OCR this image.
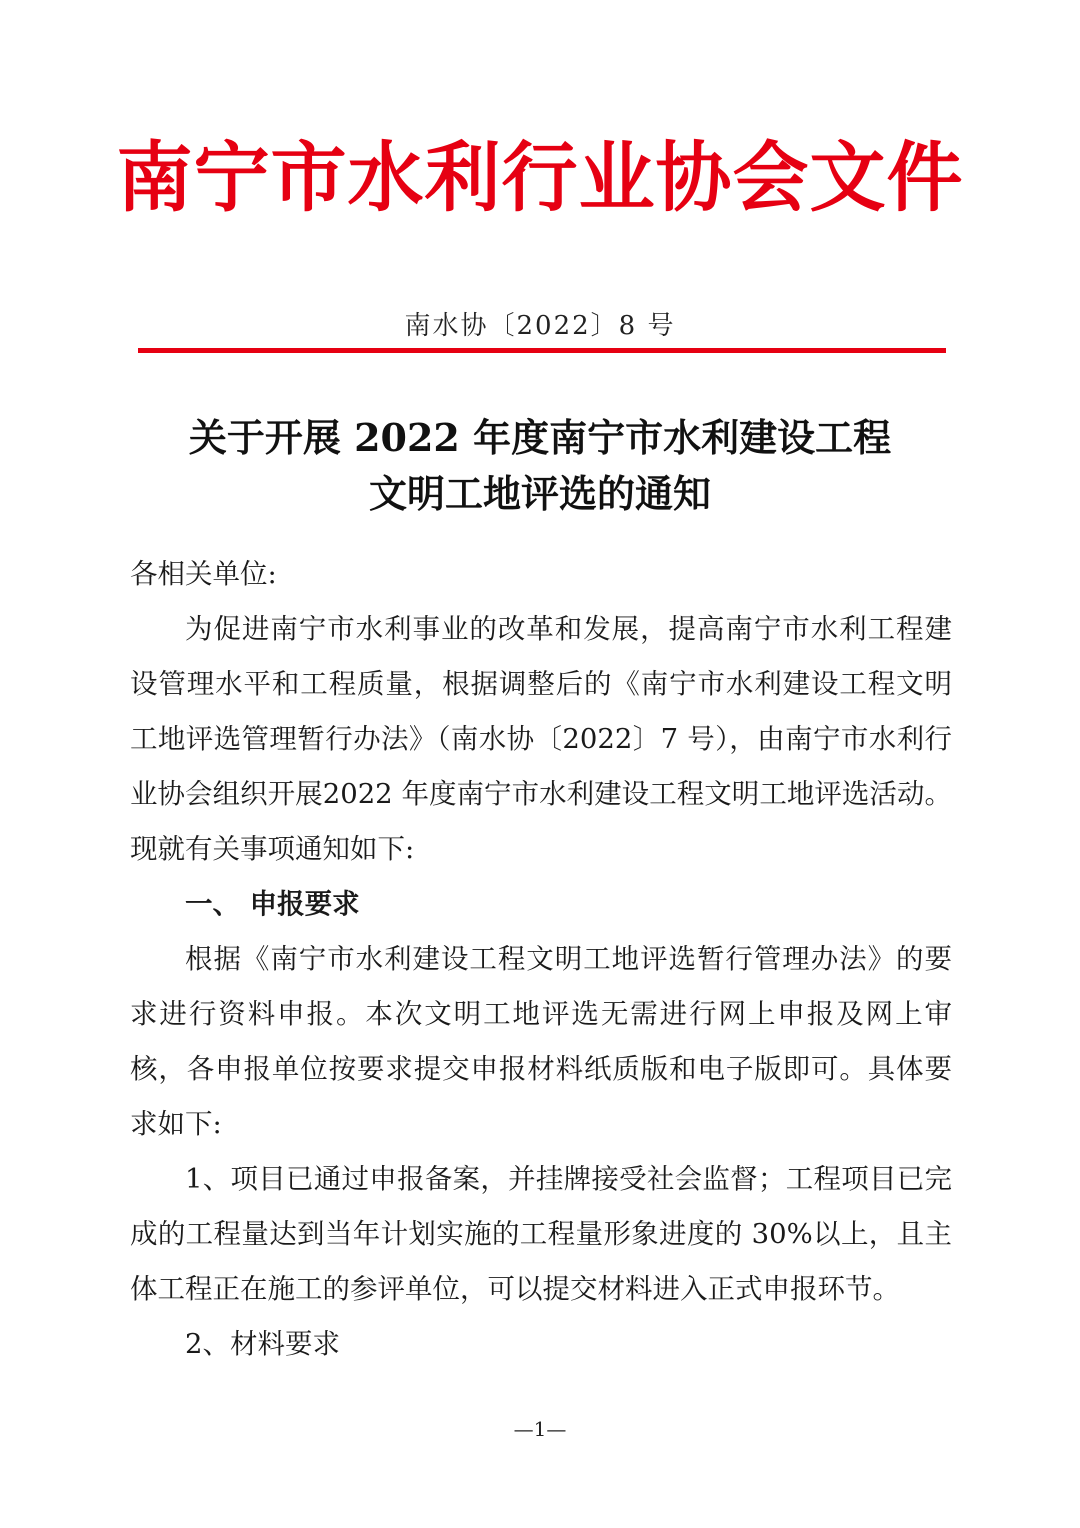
南宁市水利行业协会文件
南水协〔2022〕8 号
关于开展 2022 年度南宁市水利建设工程
文明工地评选的通知

各相关单位:

为促进南宁市水利事业的改革和发展，提高南宁市水利工程建设管理水平和工程质量，根据调整后的《南宁市水利建设工程文明工地评选管理暂行办法》（南水协〔2022〕7 号），由南宁市水利行业协会组织开展2022 年度南宁市水利建设工程文明工地评选活动。现就有关事项通知如下:

一、 申报要求

根据《南宁市水利建设工程文明工地评选暂行管理办法》的要求进行资料申报。本次文明工地评选无需进行网上申报及网上审核，各申报单位按要求提交申报材料纸质版和电子版即可。具体要求如下:

1、项目已通过申报备案，并挂牌接受社会监督；工程项目已完成的工程量达到当年计划实施的工程量形象进度的 30%以上，且主体工程正在施工的参评单位，可以提交材料进入正式申报环节。

2、材料要求

—1—
